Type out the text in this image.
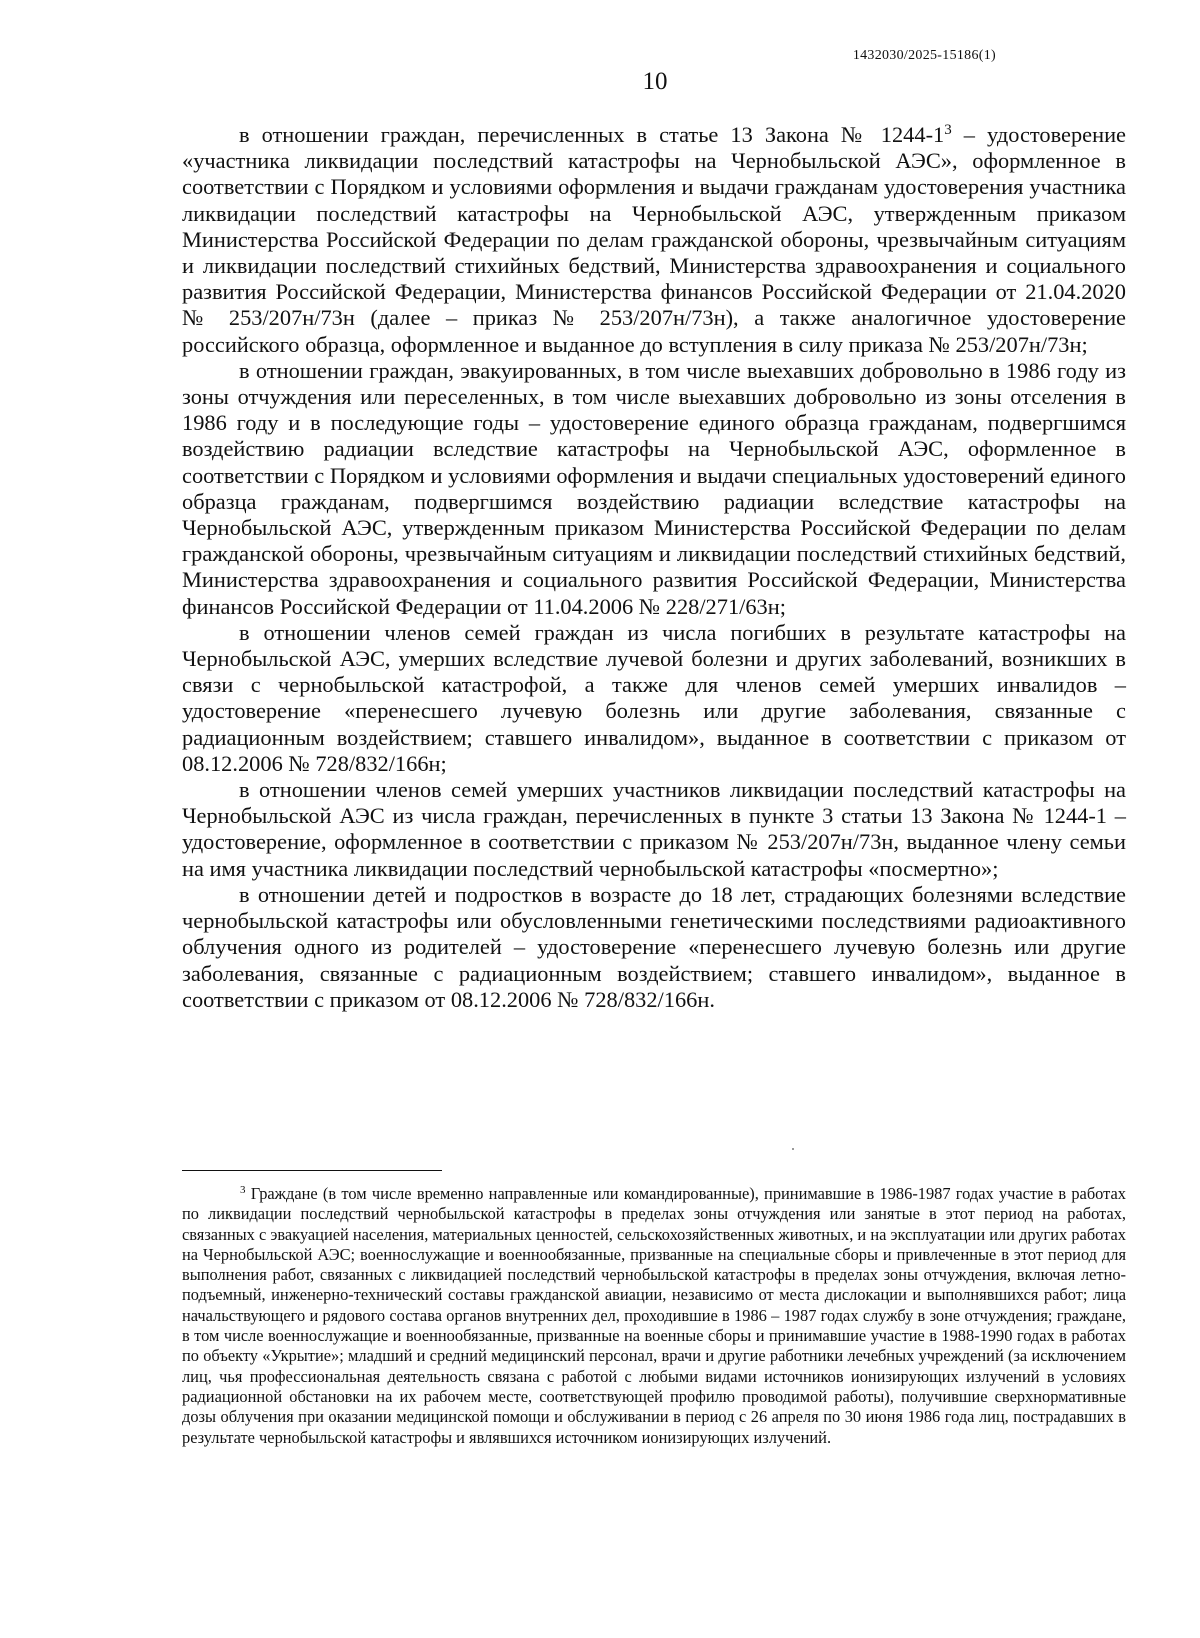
1432030/2025-15186(1)
10

в отношении граждан, перечисленных в статье 13 Закона № $1244-1^3$ – удостоверение «участника ликвидации последствий катастрофы на Чернобыльской АЭС», оформленное в соответствии с Порядком и условиями оформления и выдачи гражданам удостоверения участника ликвидации последствий катастрофы на Чернобыльской АЭС, утвержденным приказом Министерства Российской Федерации по делам гражданской обороны, чрезвычайным ситуациям и ликвидации последствий стихийных бедствий, Министерства здравоохранения и социального развития Российской Федерации, Министерства финансов Российской Федерации от 21.04.2020 № 253/207н/73н (далее – приказ № 253/207н/73н), а также аналогичное удостоверение российского образца, оформленное и выданное до вступления в силу приказа № 253/207н/73н;

в отношении граждан, эвакуированных, в том числе выехавших добровольно в 1986 году из зоны отчуждения или переселенных, в том числе выехавших добровольно из зоны отселения в 1986 году и в последующие годы – удостоверение единого образца гражданам, подвергшимся воздействию радиации вследствие катастрофы на Чернобыльской АЭС, оформленное в соответствии с Порядком и условиями оформления и выдачи специальных удостоверений единого образца гражданам, подвергшимся воздействию радиации вследствие катастрофы на Чернобыльской АЭС, утвержденным приказом Министерства Российской Федерации по делам гражданской обороны, чрезвычайным ситуациям и ликвидации последствий стихийных бедствий, Министерства здравоохранения и социального развития Российской Федерации, Министерства финансов Российской Федерации от 11.04.2006 № 228/271/63н;

в отношении членов семей граждан из числа погибших в результате катастрофы на Чернобыльской АЭС, умерших вследствие лучевой болезни и других заболеваний, возникших в связи с чернобыльской катастрофой, а также для членов семей умерших инвалидов – удостоверение «перенесшего лучевую болезнь или другие заболевания, связанные с радиационным воздействием; ставшего инвалидом», выданное в соответствии с приказом от 08.12.2006 № 728/832/166н;

в отношении членов семей умерших участников ликвидации последствий катастрофы на Чернобыльской АЭС из числа граждан, перечисленных в пункте 3 статьи 13 Закона № 1244-1 – удостоверение, оформленное в соответствии с приказом № 253/207н/73н, выданное члену семьи на имя участника ликвидации последствий чернобыльской катастрофы «посмертно»;

в отношении детей и подростков в возрасте до 18 лет, страдающих болезнями вследствие чернобыльской катастрофы или обусловленными генетическими последствиями радиоактивного облучения одного из родителей – удостоверение «перенесшего лучевую болезнь или другие заболевания, связанные с радиационным воздействием; ставшего инвалидом», выданное в соответствии с приказом от 08.12.2006 № 728/832/166н.

$^3$ Граждане (в том числе временно направленные или командированные), принимавшие в 1986-1987 годах участие в работах по ликвидации последствий чернобыльской катастрофы в пределах зоны отчуждения или занятые в этот период на работах, связанных с эвакуацией населения, материальных ценностей, сельскохозяйственных животных, и на эксплуатации или других работах на Чернобыльской АЭС; военнослужащие и военнообязанные, призванные на специальные сборы и привлеченные в этот период для выполнения работ, связанных с ликвидацией последствий чернобыльской катастрофы в пределах зоны отчуждения, включая летно-подъемный, инженерно-технический составы гражданской авиации, независимо от места дислокации и выполнявшихся работ; лица начальствующего и рядового состава органов внутренних дел, проходившие в 1986 – 1987 годах службу в зоне отчуждения; граждане, в том числе военнослужащие и военнообязанные, призванные на военные сборы и принимавшие участие в 1988-1990 годах в работах по объекту «Укрытие»; младший и средний медицинский персонал, врачи и другие работники лечебных учреждений (за исключением лиц, чья профессиональная деятельность связана с работой с любыми видами источников ионизирующих излучений в условиях радиационной обстановки на их рабочем месте, соответствующей профилю проводимой работы), получившие сверхнормативные дозы облучения при оказании медицинской помощи и обслуживании в период с 26 апреля по 30 июня 1986 года лиц, пострадавших в результате чернобыльской катастрофы и являвшихся источником ионизирующих излучений.
